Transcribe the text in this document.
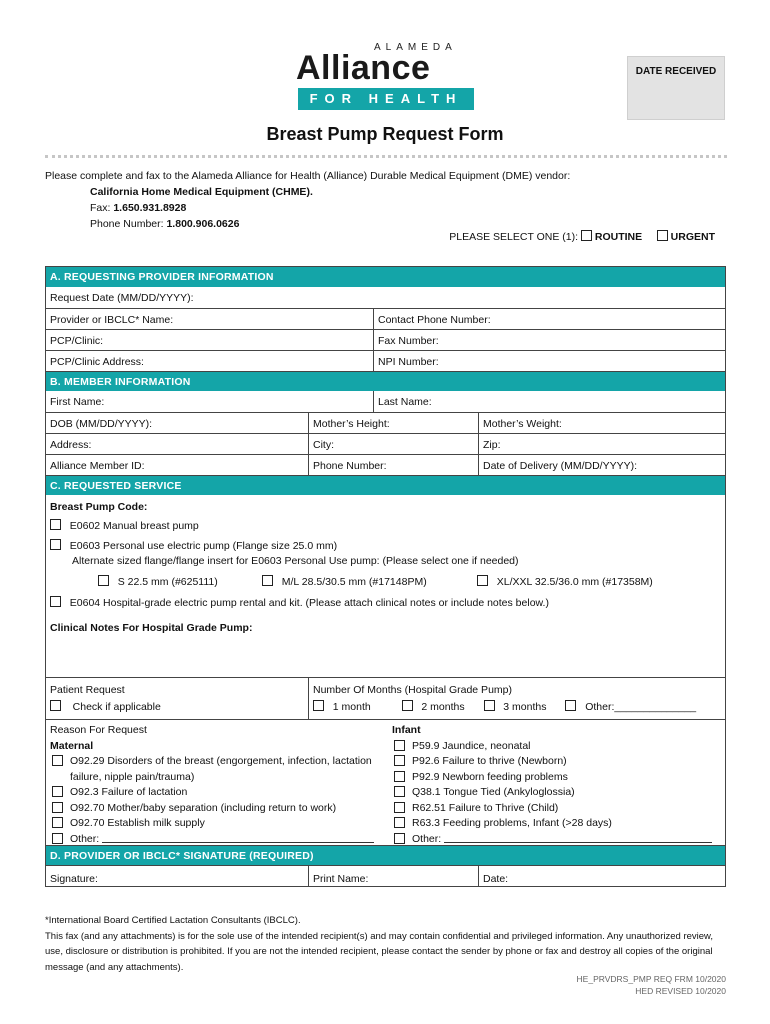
ALAMEDA
Alliance
FOR HEALTH
DATE RECEIVED
Breast Pump Request Form
Please complete and fax to the Alameda Alliance for Health (Alliance) Durable Medical Equipment (DME) vendor:
California Home Medical Equipment (CHME).
Fax: 1.650.931.8928
Phone Number: 1.800.906.0626
PLEASE SELECT ONE (1): ROUTINE	URGENT
A. REQUESTING PROVIDER INFORMATION
Request Date (MM/DD/YYYY):
Provider or IBCLC* Name:	Contact Phone Number:
PCP/Clinic:	Fax Number:
PCP/Clinic Address:	NPI Number:
B. MEMBER INFORMATION
First Name:	Last Name:
DOB (MM/DD/YYYY):	Mother’s Height:	Mother’s Weight:
Address:	City:	Zip:
Alliance Member ID:	Phone Number:	Date of Delivery (MM/DD/YYYY):
C. REQUESTED SERVICE
Breast Pump Code:
E0602 Manual breast pump
E0603 Personal use electric pump (Flange size 25.0 mm)
Alternate sized flange/flange insert for E0603 Personal Use pump: (Please select one if needed)
S 22.5 mm (#625111)	M/L 28.5/30.5 mm (#17148PM)	XL/XXL 32.5/36.0 mm (#17358M)
E0604 Hospital-grade electric pump rental and kit. (Please attach clinical notes or include notes below.)
Clinical Notes For Hospital Grade Pump:
Patient Request
Check if applicable
Number Of Months (Hospital Grade Pump)
1 month	2 months	3 months	Other:______________
Reason For Request
Maternal
O92.29 Disorders of the breast (engorgement, infection, lactation failure, nipple pain/trauma)
O92.3 Failure of lactation
O92.70 Mother/baby separation (including return to work)
O92.70 Establish milk supply
Other:
Infant
P59.9 Jaundice, neonatal
P92.6 Failure to thrive (Newborn)
P92.9 Newborn feeding problems
Q38.1 Tongue Tied (Ankyloglossia)
R62.51 Failure to Thrive (Child)
R63.3 Feeding problems, Infant (>28 days)
Other:
D. PROVIDER OR IBCLC* SIGNATURE (REQUIRED)
Signature:	Print Name:	Date:
*International Board Certified Lactation Consultants (IBCLC).
This fax (and any attachments) is for the sole use of the intended recipient(s) and may contain confidential and privileged information. Any unauthorized review, use, disclosure or distribution is prohibited. If you are not the intended recipient, please contact the sender by phone or fax and destroy all copies of the original message (and any attachments).
HE_PRVDRS_PMP REQ FRM 10/2020
HED REVISED 10/2020
